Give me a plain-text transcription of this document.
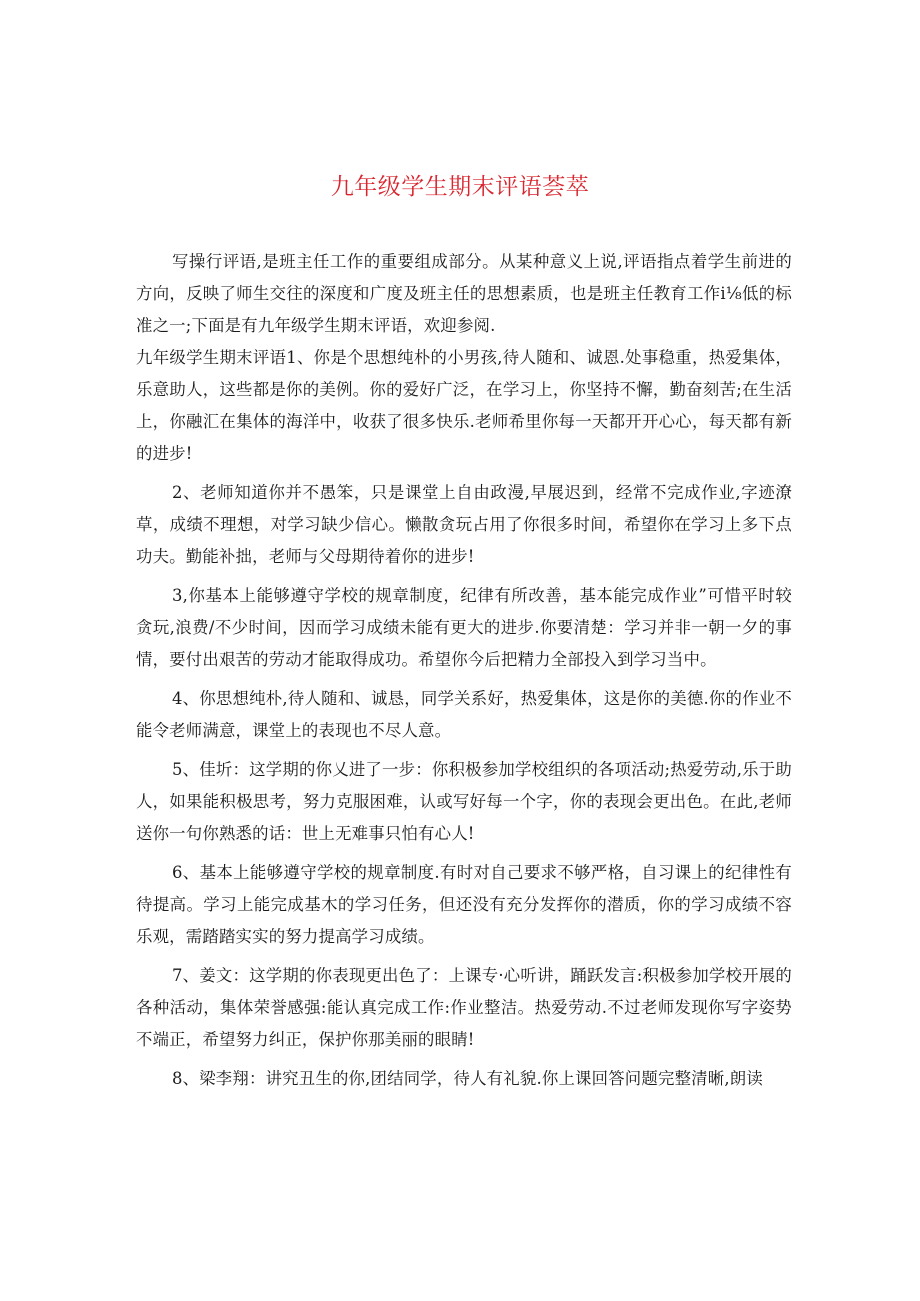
九年级学生期末评语荟萃

写操行评语,是班主任工作的重要组成部分。从某种意义上说,评语指点着学生前进的方向，反映了师生交往的深度和广度及班主任的思想素质，也是班主任教育工作i⅛低的标准之一;下面是有九年级学生期末评语，欢迎参阅.

九年级学生期末评语1、你是个思想纯朴的小男孩,待人随和、诚恩.处事稳重，热爱集体，乐意助人，这些都是你的美例。你的爱好广泛，在学习上，你坚持不懈，勤奋刻苦;在生活上，你融汇在集体的海洋中，收获了很多快乐.老师希里你每一天都开开心心，每天都有新的进步!

2、老师知道你并不愚笨，只是课堂上自由政漫,早展迟到，经常不完成作业,字迹潦草，成绩不理想，对学习缺少信心。懒散贪玩占用了你很多时间，希望你在学习上多下点功夫。勤能补拙，老师与父母期待着你的进步!

3,你基本上能够遵守学校的规章制度，纪律有所改善，基本能完成作业”可惜平时较贪玩,浪费/不少时间，因而学习成绩未能有更大的进步.你要清楚：学习并非一朝一夕的事情，要付出艰苦的劳动才能取得成功。希望你今后把精力全部投入到学习当中。

4、你思想纯朴,待人随和、诚恳，同学关系好，热爱集体，这是你的美德.你的作业不能令老师满意，课堂上的表现也不尽人意。

5、佳圻：这学期的你乂进了一步：你积极参加学校组织的各项活动;热爱劳动,乐于助人，如果能积极思考，努力克服困难，认或写好每一个字，你的表现会更出色。在此,老师送你一句你熟悉的话：世上无难事只怕有心人!

6、基本上能够遵守学校的规章制度.有时对自己要求不够严格，自习课上的纪律性有待提高。学习上能完成基木的学习任务，但还没有充分发挥你的潜质，你的学习成绩不容乐观，需踏踏实实的努力提高学习成绩。

7、姜文：这学期的你表现更出色了：上课专·心听讲，踊跃发言:积极参加学校开展的各种活动，集体荣誉感强:能认真完成工作:作业整洁。热爱劳动.不过老师发现你写字姿势不端正，希望努力纠正，保护你那美丽的眼睛!

8、梁李翔：讲究丑生的你,团结同学，待人有礼貌.你上课回答问题完整清晰,朗读
